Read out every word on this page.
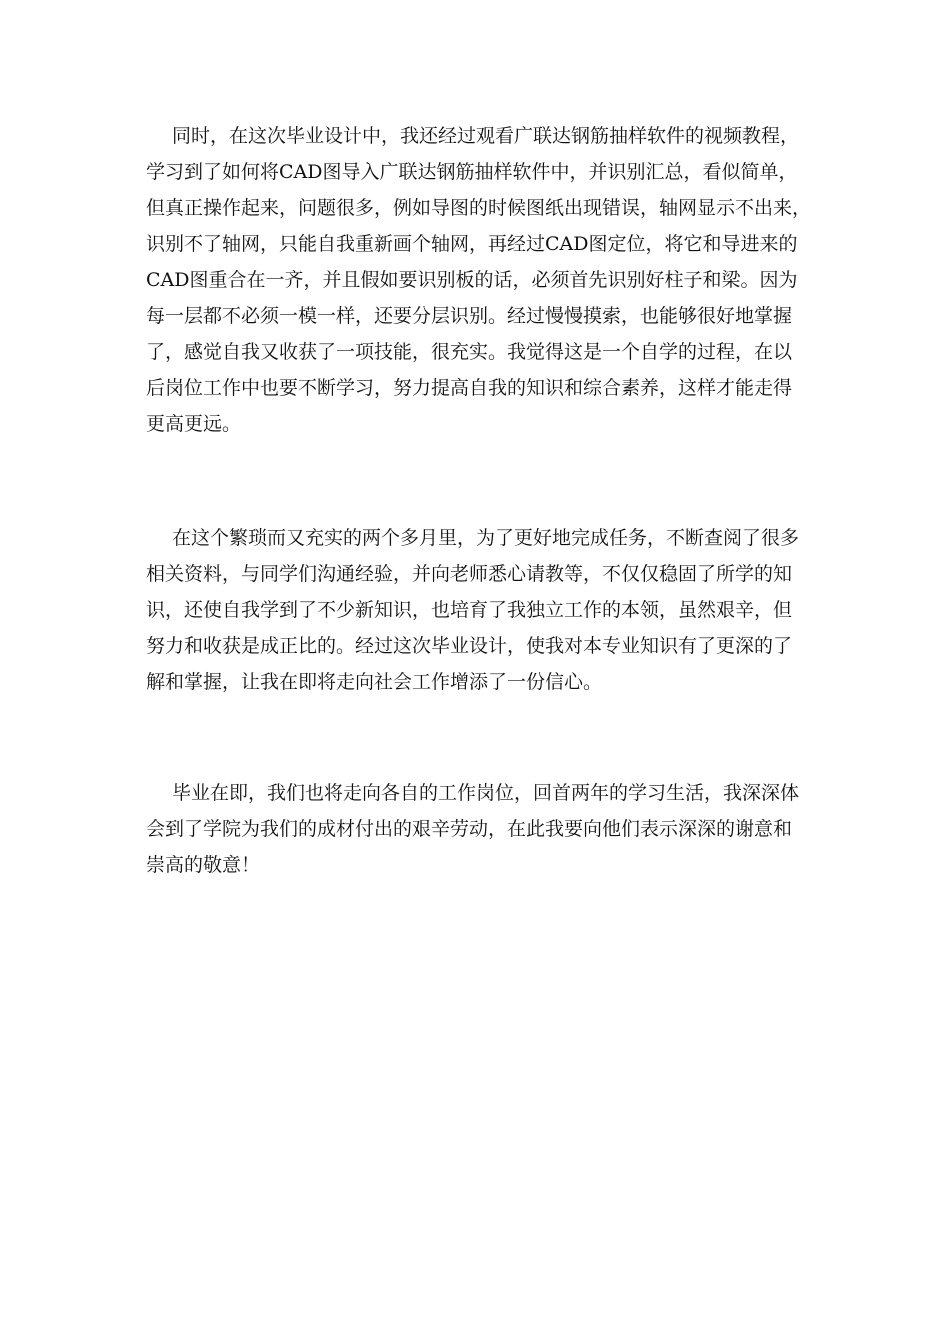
同时，在这次毕业设计中，我还经过观看广联达钢筋抽样软件的视频教程，

学习到了如何将CAD图导入广联达钢筋抽样软件中，并识别汇总，看似简单，

但真正操作起来，问题很多，例如导图的时候图纸出现错误，轴网显示不出来，

识别不了轴网，只能自我重新画个轴网，再经过CAD图定位，将它和导进来的

CAD图重合在一齐，并且假如要识别板的话，必须首先识别好柱子和梁。因为

每一层都不必须一模一样，还要分层识别。经过慢慢摸索，也能够很好地掌握

了，感觉自我又收获了一项技能，很充实。我觉得这是一个自学的过程，在以

后岗位工作中也要不断学习，努力提高自我的知识和综合素养，这样才能走得

更高更远。

在这个繁琐而又充实的两个多月里，为了更好地完成任务，不断查阅了很多

相关资料，与同学们沟通经验，并向老师悉心请教等，不仅仅稳固了所学的知

识，还使自我学到了不少新知识，也培育了我独立工作的本领，虽然艰辛，但

努力和收获是成正比的。经过这次毕业设计，使我对本专业知识有了更深的了

解和掌握，让我在即将走向社会工作增添了一份信心。

毕业在即，我们也将走向各自的工作岗位，回首两年的学习生活，我深深体

会到了学院为我们的成材付出的艰辛劳动，在此我要向他们表示深深的谢意和

崇高的敬意！
